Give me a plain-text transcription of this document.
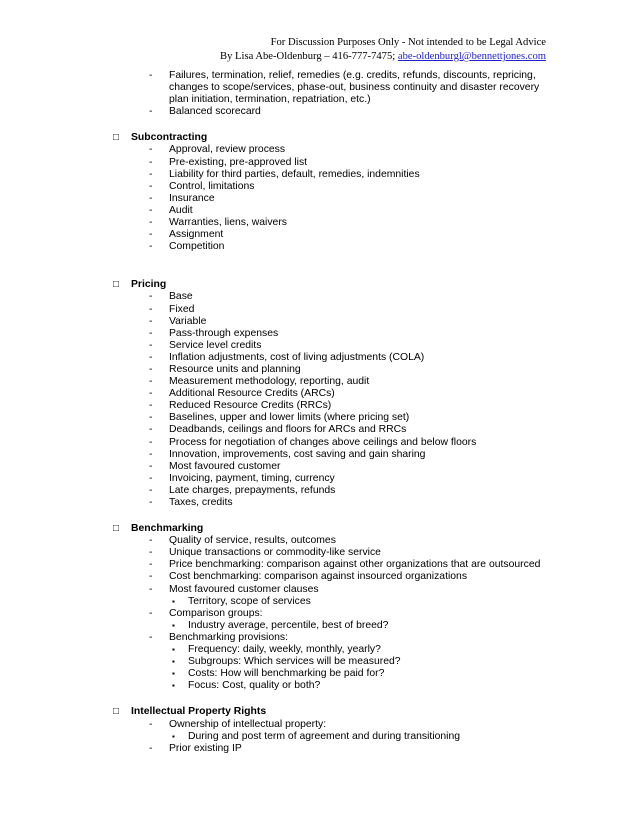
For Discussion Purposes Only - Not intended to be Legal Advice
By Lisa Abe-Oldenburg – 416-777-7475; abe-oldenburgl@bennettjones.com
- Failures, termination, relief, remedies (e.g. credits, refunds, discounts, repricing,
changes to scope/services, phase-out, business continuity and disaster recovery
plan initiation, termination, repatriation, etc.)
- Balanced scorecard
□ Subcontracting
- Approval, review process
- Pre-existing, pre-approved list
- Liability for third parties, default, remedies, indemnities
- Control, limitations
- Insurance
- Audit
- Warranties, liens, waivers
- Assignment
- Competition
□ Pricing
- Base
- Fixed
- Variable
- Pass-through expenses
- Service level credits
- Inflation adjustments, cost of living adjustments (COLA)
- Resource units and planning
- Measurement methodology, reporting, audit
- Additional Resource Credits (ARCs)
- Reduced Resource Credits (RRCs)
- Baselines, upper and lower limits (where pricing set)
- Deadbands, ceilings and floors for ARCs and RRCs
- Process for negotiation of changes above ceilings and below floors
- Innovation, improvements, cost saving and gain sharing
- Most favoured customer
- Invoicing, payment, timing, currency
- Late charges, prepayments, refunds
- Taxes, credits
□ Benchmarking
- Quality of service, results, outcomes
- Unique transactions or commodity-like service
- Price benchmarking: comparison against other organizations that are outsourced
- Cost benchmarking: comparison against insourced organizations
- Most favoured customer clauses
▪ Territory, scope of services
- Comparison groups:
▪ Industry average, percentile, best of breed?
- Benchmarking provisions:
▪ Frequency: daily, weekly, monthly, yearly?
▪ Subgroups: Which services will be measured?
▪ Costs: How will benchmarking be paid for?
▪ Focus: Cost, quality or both?
□ Intellectual Property Rights
- Ownership of intellectual property:
▪ During and post term of agreement and during transitioning
- Prior existing IP
